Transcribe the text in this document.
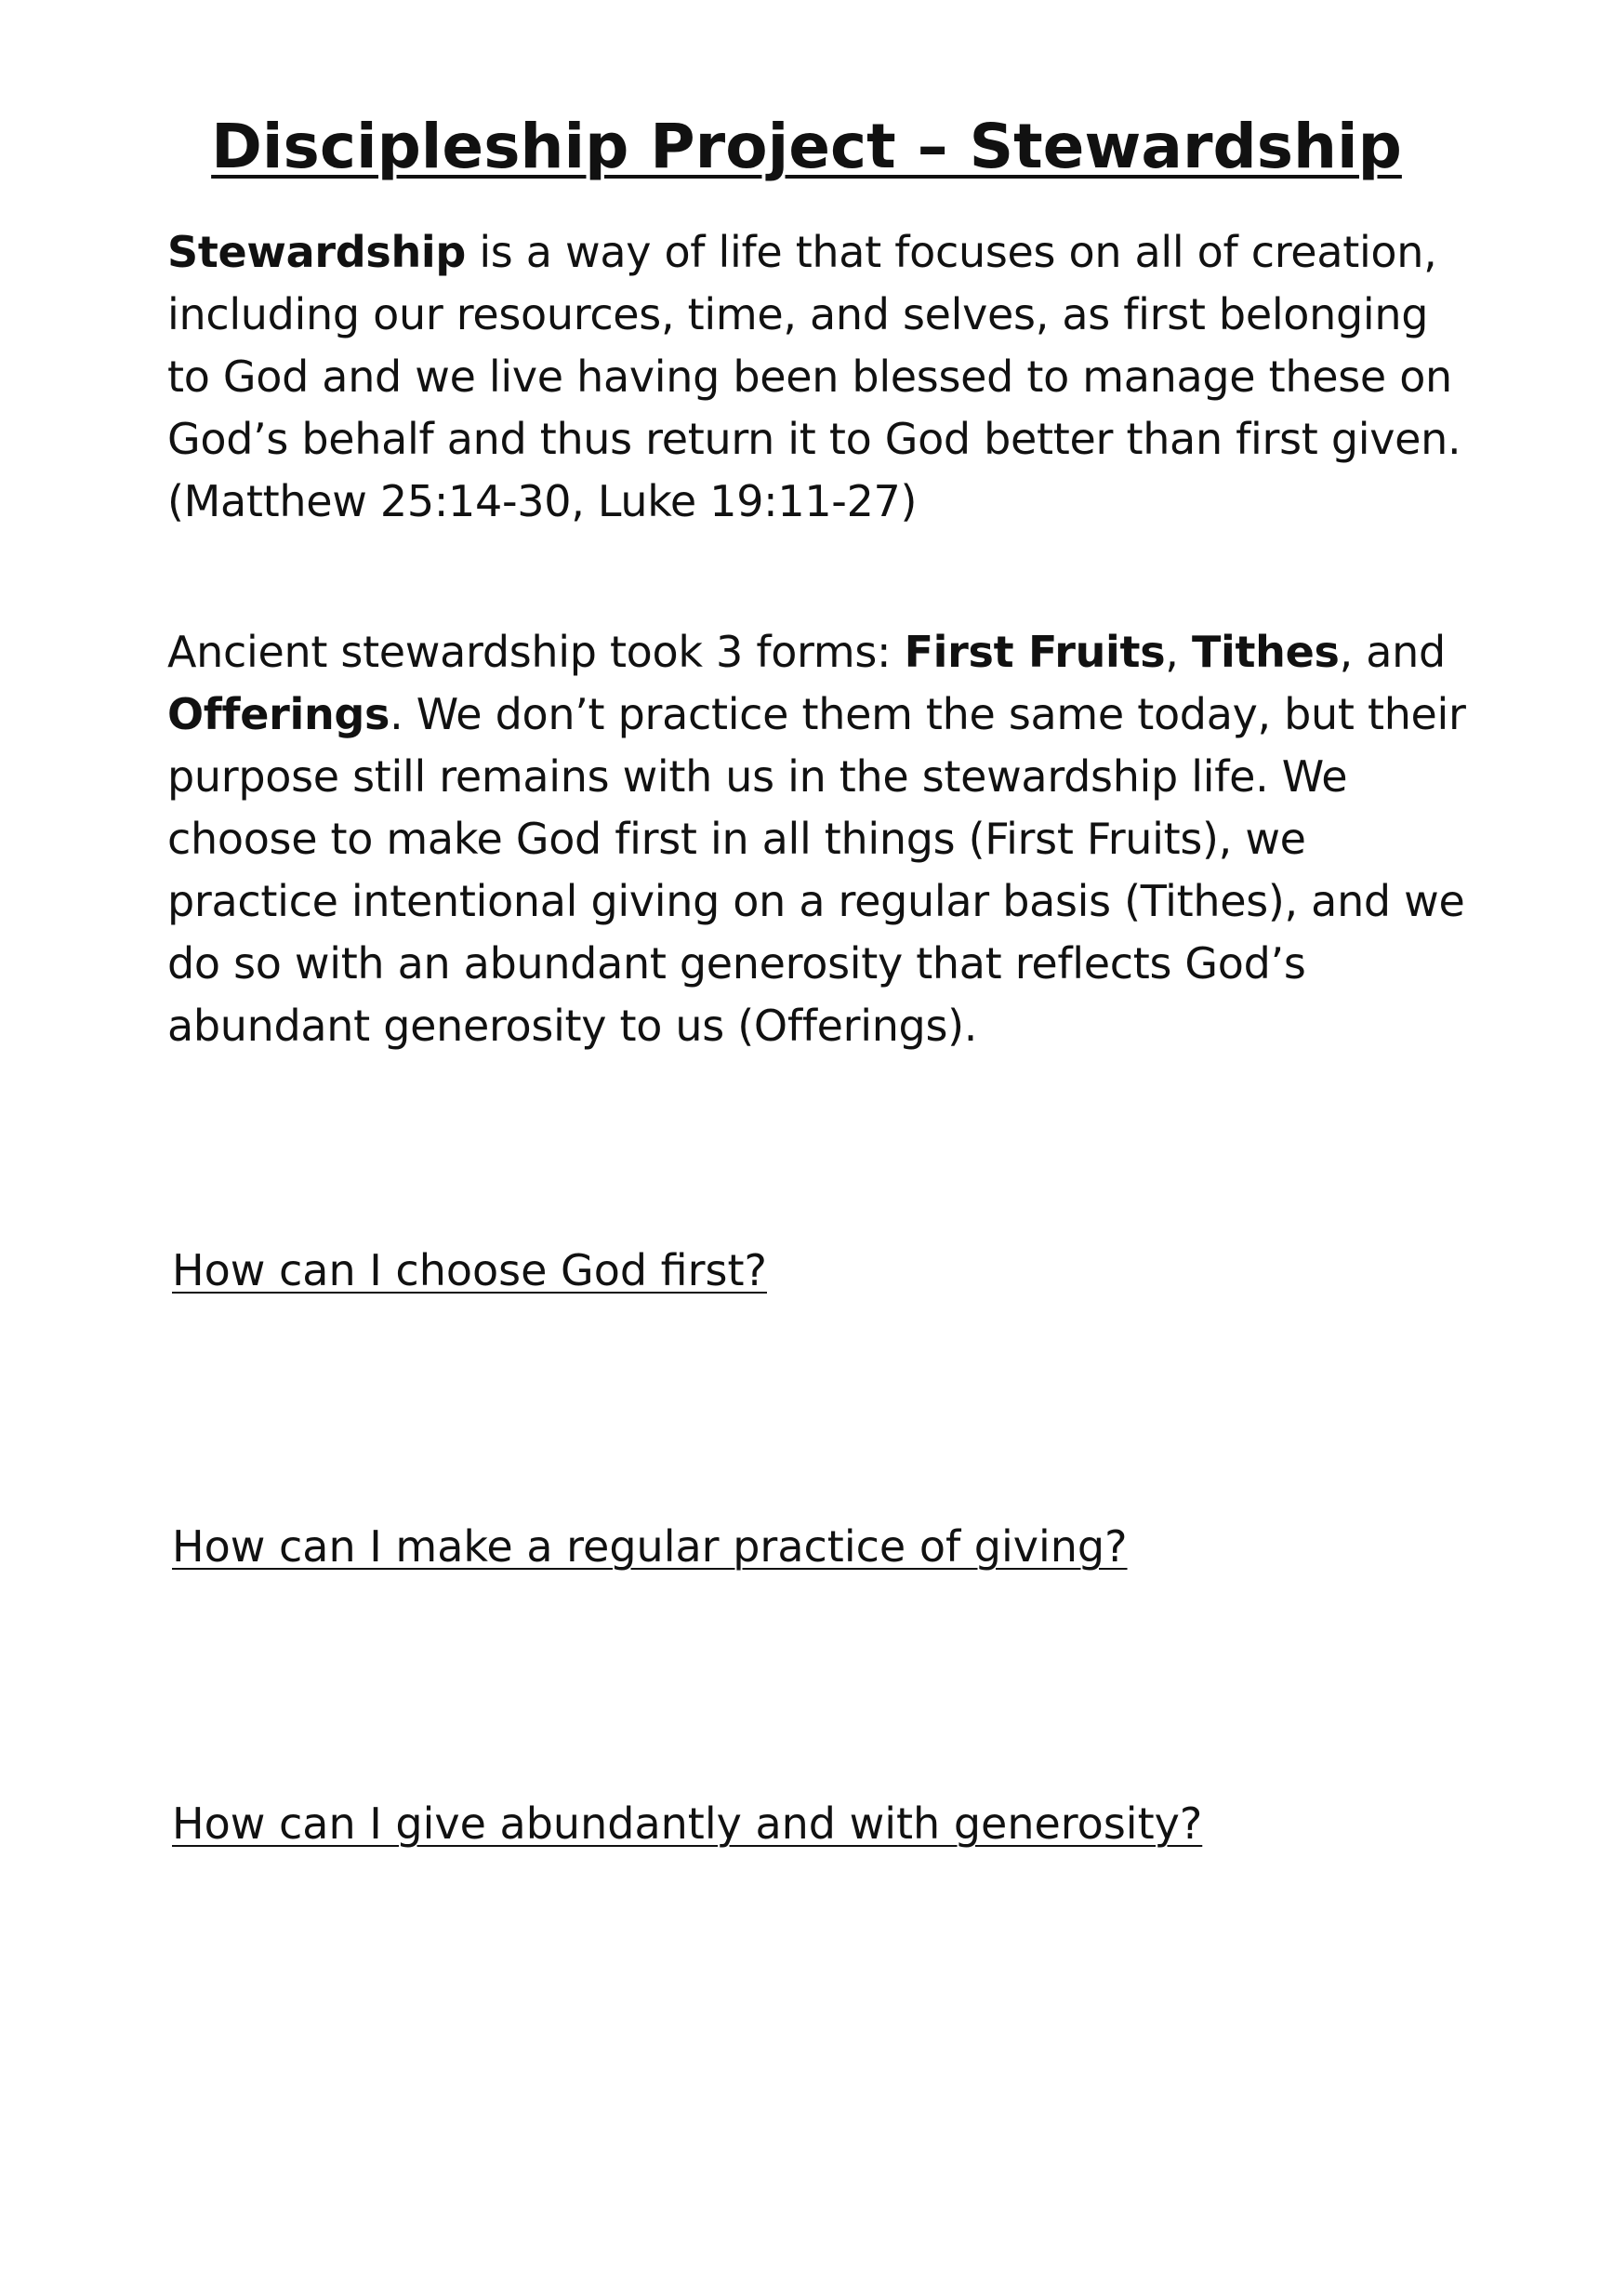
Discipleship Project – Stewardship

Stewardship is a way of life that focuses on all of creation, including our resources, time, and selves, as first belonging to God and we live having been blessed to manage these on God’s behalf and thus return it to God better than first given. (Matthew 25:14-30, Luke 19:11-27)

Ancient stewardship took 3 forms: First Fruits, Tithes, and Offerings. We don’t practice them the same today, but their purpose still remains with us in the stewardship life. We choose to make God first in all things (First Fruits), we practice intentional giving on a regular basis (Tithes), and we do so with an abundant generosity that reflects God’s abundant generosity to us (Offerings).

How can I choose God first?

How can I make a regular practice of giving?

How can I give abundantly and with generosity?
